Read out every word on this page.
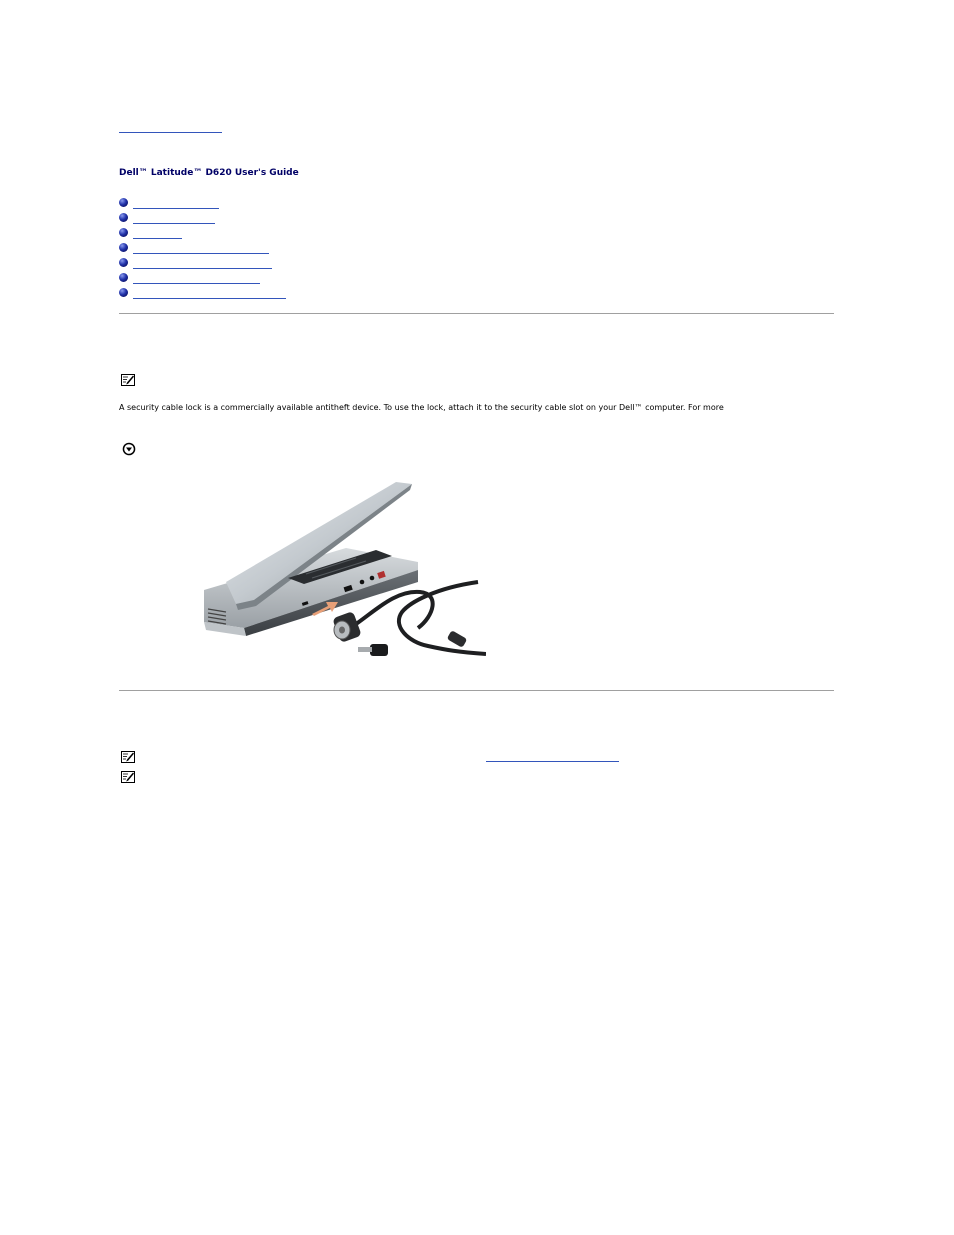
Dell™ Latitude™ D620 User's Guide

A security cable lock is a commercially available antitheft device. To use the lock, attach it to the security cable slot on your Dell™ computer. For more
